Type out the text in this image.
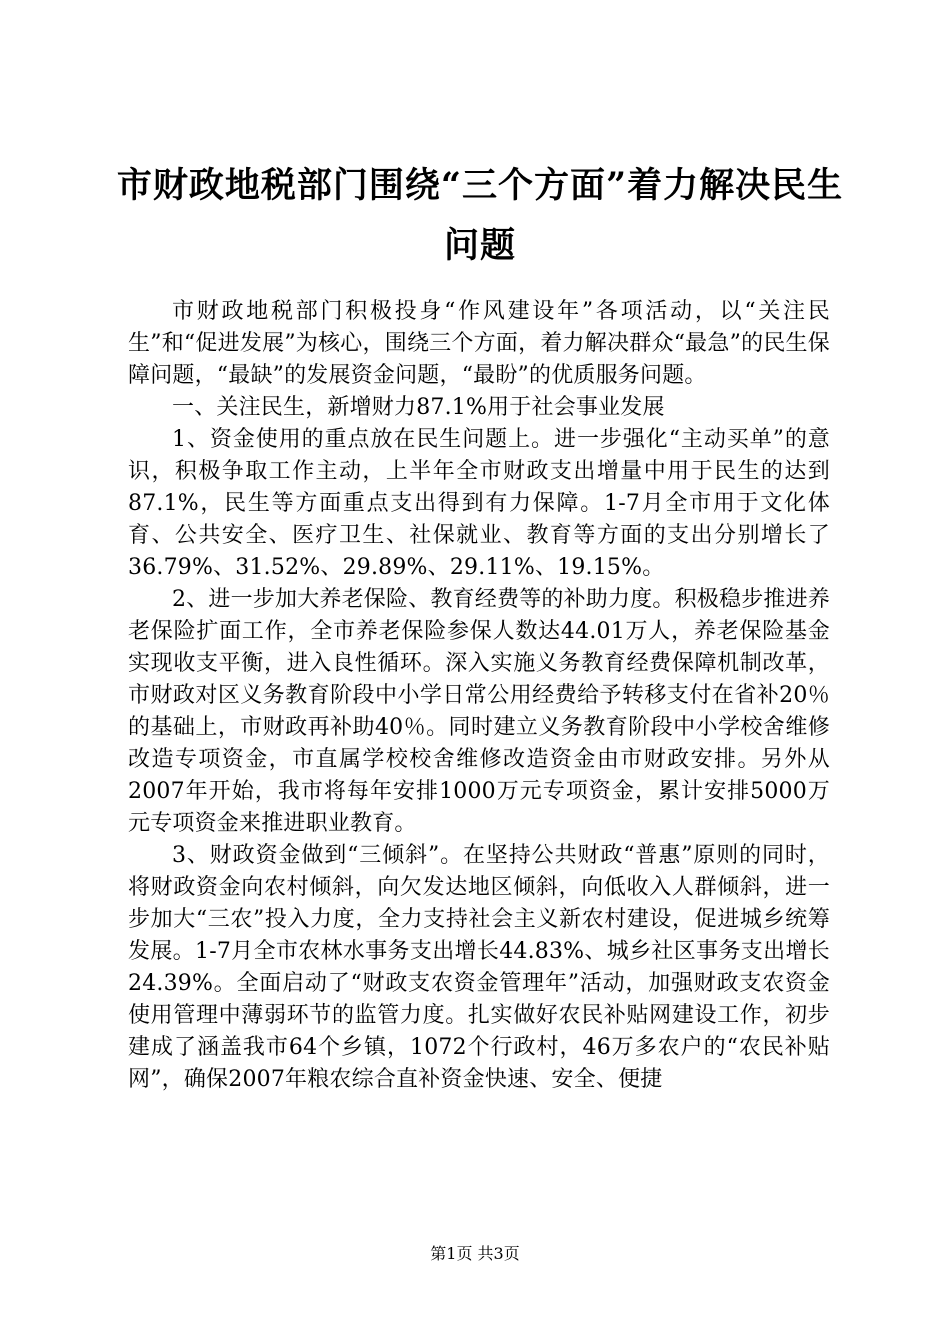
市财政地税部门围绕“三个方面”着力解决民生问题

市财政地税部门积极投身“作风建设年”各项活动，以“关注民生”和“促进发展”为核心，围绕三个方面，着力解决群众“最急”的民生保障问题，“最缺”的发展资金问题，“最盼”的优质服务问题。

一、关注民生，新增财力87.1%用于社会事业发展

1、资金使用的重点放在民生问题上。进一步强化“主动买单”的意识，积极争取工作主动，上半年全市财政支出增量中用于民生的达到87.1%，民生等方面重点支出得到有力保障。1-7月全市用于文化体育、公共安全、医疗卫生、社保就业、教育等方面的支出分别增长了36.79%、31.52%、29.89%、29.11%、19.15%。

2、进一步加大养老保险、教育经费等的补助力度。积极稳步推进养老保险扩面工作，全市养老保险参保人数达44.01万人，养老保险基金实现收支平衡，进入良性循环。深入实施义务教育经费保障机制改革，市财政对区义务教育阶段中小学日常公用经费给予转移支付在省补20％的基础上，市财政再补助40％。同时建立义务教育阶段中小学校舍维修改造专项资金，市直属学校校舍维修改造资金由市财政安排。另外从2007年开始，我市将每年安排1000万元专项资金，累计安排5000万元专项资金来推进职业教育。

3、财政资金做到“三倾斜”。在坚持公共财政“普惠”原则的同时，将财政资金向农村倾斜，向欠发达地区倾斜，向低收入人群倾斜，进一步加大“三农”投入力度，全力支持社会主义新农村建设，促进城乡统筹发展。1-7月全市农林水事务支出增长44.83%、城乡社区事务支出增长24.39%。全面启动了“财政支农资金管理年”活动，加强财政支农资金使用管理中薄弱环节的监管力度。扎实做好农民补贴网建设工作，初步建成了涵盖我市64个乡镇，1072个行政村，46万多农户的“农民补贴网”，确保2007年粮农综合直补资金快速、安全、便捷

第1页 共3页
